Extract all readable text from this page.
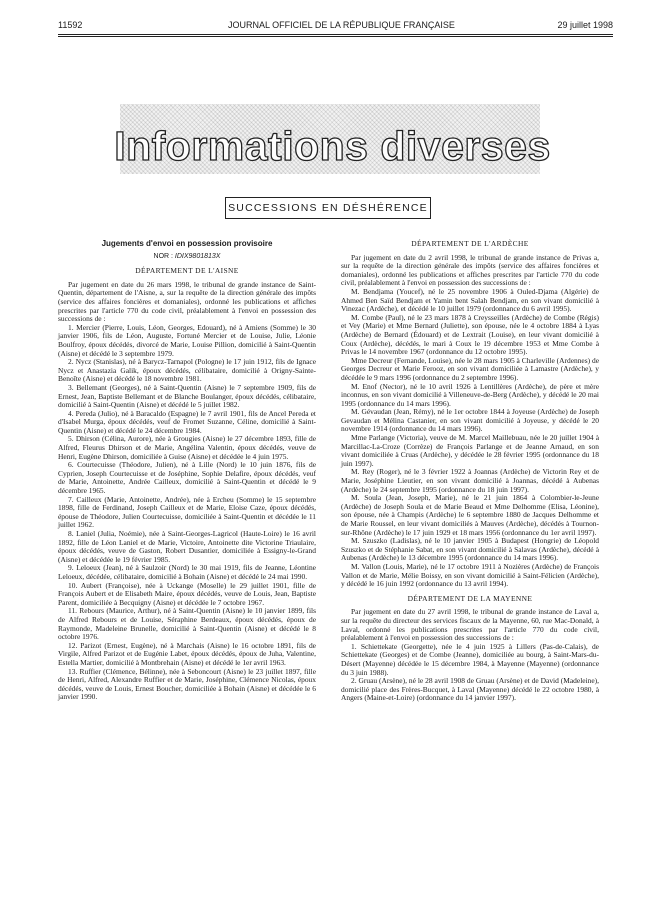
11592	JOURNAL OFFICIEL DE LA RÉPUBLIQUE FRANÇAISE	29 juillet 1998
Informations diverses
SUCCESSIONS EN DÉSHÉRENCE

Jugements d'envoi en possession provisoire

NOR : IDIX9801813X

DÉPARTEMENT DE L'AISNE

Par jugement en date du 26 mars 1998, le tribunal de grande instance de Saint-Quentin, département de l'Aisne, a, sur la requête de la direction générale des impôts (service des affaires foncières et domaniales), ordonné les publications et affiches prescrites par l'article 770 du code civil, préalablement à l'envoi en possession des successions de :

1. Mercier (Pierre, Louis, Léon, Georges, Edouard), né à Amiens (Somme) le 30 janvier 1906, fils de Léon, Auguste, Fortuné Mercier et de Louise, Julie, Léonie Boulfroy, époux décédés, divorcé de Marie, Louise Pillion, domicilié à Saint-Quentin (Aisne) et décédé le 3 septembre 1979.

2. Nycz (Stanislas), né à Barycz-Tarnapol (Pologne) le 17 juin 1912, fils de Ignace Nycz et Anastazia Galik, époux décédés, célibataire, domicilié à Origny-Sainte-Benoîte (Aisne) et décédé le 18 novembre 1981.

3. Bellemant (Georges), né à Saint-Quentin (Aisne) le 7 septembre 1909, fils de Ernest, Jean, Baptiste Bellemant et de Blanche Boulanger, époux décédés, célibataire, domicilié à Saint-Quentin (Aisne) et décédé le 5 juillet 1982.

4. Pereda (Julio), né à Baracaldo (Espagne) le 7 avril 1901, fils de Ancel Pereda et d'Isabel Murga, époux décédés, veuf de Fromet Suzanne, Céline, domicilié à Saint-Quentin (Aisne) et décédé le 24 décembre 1984.

5. Dhirson (Célina, Aurore), née à Grougies (Aisne) le 27 décembre 1893, fille de Alfred, Fleurus Dhirson et de Marie, Angélina Valentin, époux décédés, veuve de Henri, Eugène Dhirson, domiciliée à Guise (Aisne) et décédée le 4 juin 1975.

6. Courtecuisse (Théodore, Julien), né à Lille (Nord) le 10 juin 1876, fils de Cyprien, Joseph Courtecuisse et de Joséphine, Sophie Delafire, époux décédés, veuf de Marie, Antoinette, Andrée Cailleux, domicilié à Saint-Quentin et décédé le 9 décembre 1965.

7. Cailleux (Marie, Antoinette, Andrée), née à Ercheu (Somme) le 15 septembre 1898, fille de Ferdinand, Joseph Cailleux et de Marie, Eloise Caze, époux décédés, épouse de Théodore, Julien Courtecuisse, domiciliée à Saint-Quentin et décédée le 11 juillet 1962.

8. Laniel (Julia, Noémie), née à Saint-Georges-Lagricol (Haute-Loire) le 16 avril 1892, fille de Léon Laniel et de Marie, Victoire, Antoinette dite Victorine Triaulaire, époux décédés, veuve de Gaston, Robert Dusantier, domiciliée à Essigny-le-Grand (Aisne) et décédée le 19 février 1985.

9. Leloeux (Jean), né à Saulzoir (Nord) le 30 mai 1919, fils de Jeanne, Léontine Leloeux, décédée, célibataire, domicilié à Bohain (Aisne) et décédé le 24 mai 1990.

10. Aubert (Françoise), née à Uckange (Moselle) le 29 juillet 1901, fille de François Aubert et de Elisabeth Maire, époux décédés, veuve de Louis, Jean, Baptiste Parent, domiciliée à Becquigny (Aisne) et décédée le 7 octobre 1967.

11. Rebours (Maurice, Arthur), né à Saint-Quentin (Aisne) le 10 janvier 1899, fils de Alfred Rebours et de Louise, Séraphine Berdeaux, époux décédés, époux de Raymonde, Madeleine Brunelle, domicilié à Saint-Quentin (Aisne) et décédé le 8 octobre 1976.

12. Parizot (Ernest, Eugène), né à Marchais (Aisne) le 16 octobre 1891, fils de Virgile, Alfred Parizot et de Eugénie Labet, époux décédés, époux de Juha, Valentine, Estella Martier, domicilié à Montbrehain (Aisne) et décédé le 1er avril 1963.

13. Ruffier (Clémence, Bélinne), née à Seboncourt (Aisne) le 23 juillet 1897, fille de Henri, Alfred, Alexandre Ruffier et de Marie, Joséphine, Clémence Nicolas, époux décédés, veuve de Louis, Ernest Boucher, domiciliée à Bohain (Aisne) et décédée le 6 janvier 1990.

DÉPARTEMENT DE L'ARDÈCHE

Par jugement en date du 2 avril 1998, le tribunal de grande instance de Privas a, sur la requête de la direction générale des impôts (service des affaires foncières et domaniales), ordonné les publications et affiches prescrites par l'article 770 du code civil, préalablement à l'envoi en possession des successions de :

M. Bendjama (Youcef), né le 25 novembre 1906 à Ouled-Djama (Algérie) de Ahmed Ben Saïd Bendjam et Yamin bent Salah Bendjam, en son vivant domicilié à Vinezac (Ardèche), et décédé le 10 juillet 1979 (ordonnance du 6 avril 1995).

M. Combe (Paul), né le 23 mars 1878 à Creysseilles (Ardèche) de Combe (Régis) et Vey (Marie) et Mme Bernard (Juliette), son épouse, née le 4 octobre 1884 à Lyas (Ardèche) de Bernard (Édouard) et de Lextrait (Louise), en leur vivant domicilié à Coux (Ardèche), décédés, le mari à Coux le 19 décembre 1953 et Mme Combe à Privas le 14 novembre 1967 (ordonnance du 12 octobre 1995).

Mme Decreur (Fernande, Louise), née le 28 mars 1905 à Charleville (Ardennes) de Georges Decreur et Marie Ferooz, en son vivant domiciliée à Lamastre (Ardèche), y décédée le 9 mars 1996 (ordonnance du 2 septembre 1996).

M. Enof (Nector), né le 10 avril 1926 à Lentillères (Ardèche), de père et mère inconnus, en son vivant domicilié à Villeneuve-de-Berg (Ardèche), y décédé le 20 mai 1995 (ordonnance du 14 mars 1996).

M. Gévaudan (Jean, Rémy), né le 1er octobre 1844 à Joyeuse (Ardèche) de Joseph Gevaudan et Mélina Castanier, en son vivant domicilié à Joyeuse, y décédé le 20 novembre 1914 (ordonnance du 14 mars 1996).

Mme Parlange (Victoria), veuve de M. Marcel Maillebuau, née le 20 juillet 1904 à Marcillac-La-Croze (Corrèze) de François Parlange et de Jeanne Arnaud, en son vivant domiciliée à Cruas (Ardèche), y décédée le 28 février 1995 (ordonnance du 18 juin 1997).

M. Rey (Roger), né le 3 février 1922 à Joannas (Ardèche) de Victorin Rey et de Marie, Joséphine Lieutier, en son vivant domicilié à Joannas, décédé à Aubenas (Ardèche) le 24 septembre 1995 (ordonnance du 18 juin 1997).

M. Soula (Jean, Joseph, Marie), né le 21 juin 1864 à Colombier-le-Jeune (Ardèche) de Joseph Soula et de Marie Beaud et Mme Delhomme (Elisa, Léonine), son épouse, née à Champis (Ardèche) le 6 septembre 1880 de Jacques Delhomme et de Marie Roussel, en leur vivant domiciliés à Mauves (Ardèche), décédés à Tournon-sur-Rhône (Ardèche) le 17 juin 1929 et 18 mars 1956 (ordonnance du 1er avril 1997).

M. Szuszko (Ladislas), né le 10 janvier 1905 à Budapest (Hongrie) de Léopold Szuszko et de Stéphanie Sabat, en son vivant domicilié à Salavas (Ardèche), décédé à Aubenas (Ardèche) le 13 décembre 1995 (ordonnance du 14 mars 1996).

M. Vallon (Louis, Marie), né le 17 octobre 1911 à Nozières (Ardèche) de François Vallon et de Marie, Mélie Boissy, en son vivant domicilié à Saint-Félicien (Ardèche), y décédé le 16 juin 1992 (ordonnance du 13 avril 1994).

DÉPARTEMENT DE LA MAYENNE

Par jugement en date du 27 avril 1998, le tribunal de grande instance de Laval a, sur la requête du directeur des services fiscaux de la Mayenne, 60, rue Mac-Donald, à Laval, ordonné les publications prescrites par l'article 770 du code civil, préalablement à l'envoi en possession des successions de :

1. Schiettekate (Georgette), née le 4 juin 1925 à Lillers (Pas-de-Calais), de Schiettekate (Georges) et de Combe (Jeanne), domiciliée au bourg, à Saint-Mars-du-Désert (Mayenne) décédée le 15 décembre 1984, à Mayenne (Mayenne) (ordonnance du 3 juin 1988).

2. Gruau (Arsène), né le 28 avril 1908 de Gruau (Arsène) et de David (Madeleine), domicilié place des Frères-Bucquet, à Laval (Mayenne) décédé le 22 octobre 1980, à Angers (Maine-et-Loire) (ordonnance du 14 janvier 1997).
